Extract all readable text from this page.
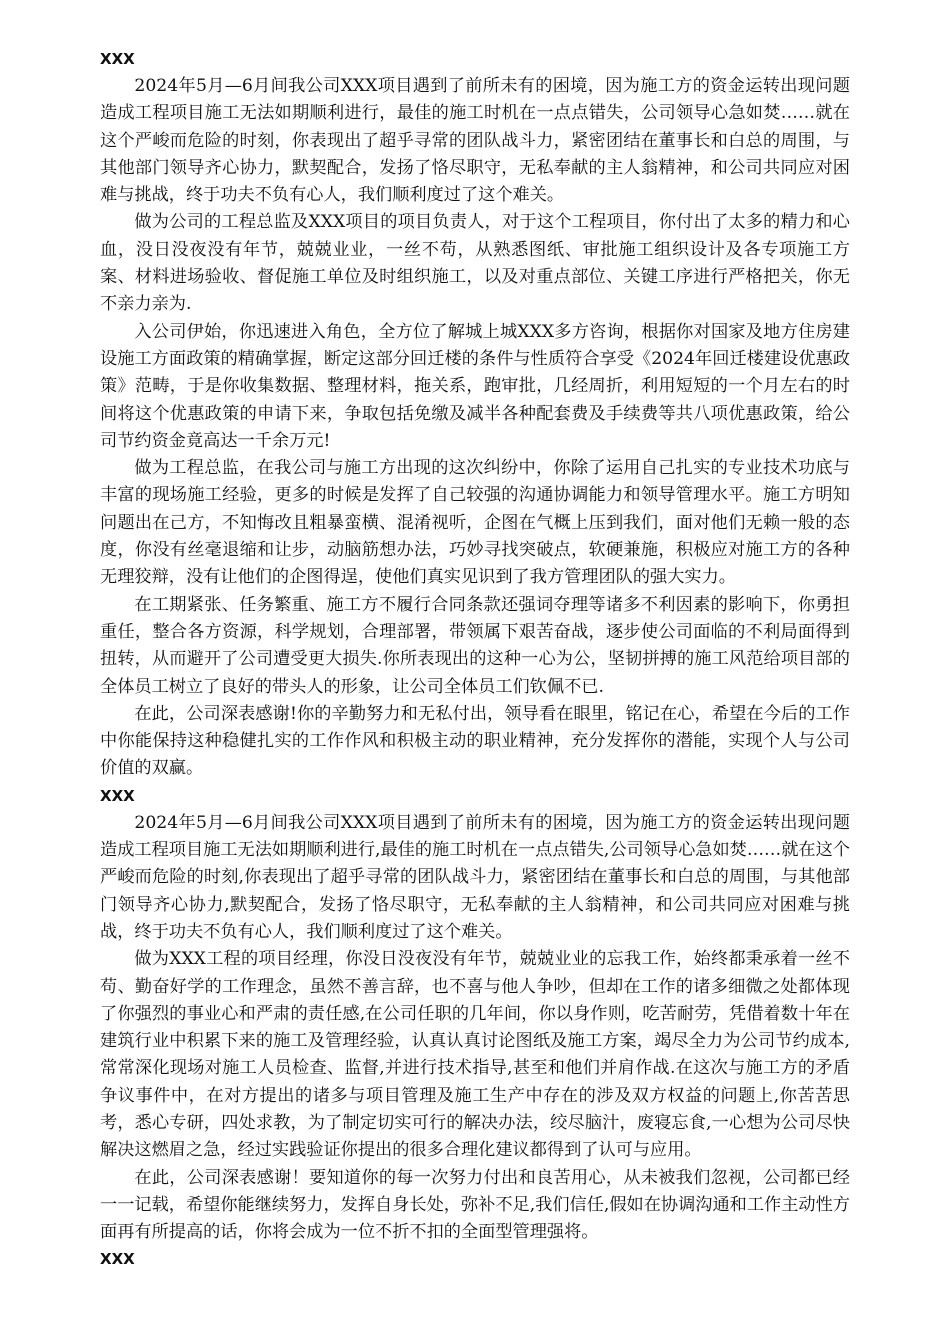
XXX

2024年5月—6月间我公司XXX项目遇到了前所未有的困境，因为施工方的资金运转出现问题造成工程项目施工无法如期顺利进行，最佳的施工时机在一点点错失，公司领导心急如焚……就在这个严峻而危险的时刻，你表现出了超乎寻常的团队战斗力，紧密团结在董事长和白总的周围，与其他部门领导齐心协力，默契配合，发扬了恪尽职守，无私奉献的主人翁精神，和公司共同应对困难与挑战，终于功夫不负有心人，我们顺利度过了这个难关。

做为公司的工程总监及XXX项目的项目负责人，对于这个工程项目，你付出了太多的精力和心血，没日没夜没有年节，兢兢业业，一丝不苟，从熟悉图纸、审批施工组织设计及各专项施工方案、材料进场验收、督促施工单位及时组织施工，以及对重点部位、关键工序进行严格把关，你无不亲力亲为.

入公司伊始，你迅速进入角色，全方位了解城上城XXX多方咨询，根据你对国家及地方住房建设施工方面政策的精确掌握，断定这部分回迁楼的条件与性质符合享受《2024年回迁楼建设优惠政策》范畴，于是你收集数据、整理材料，拖关系，跑审批，几经周折，利用短短的一个月左右的时间将这个优惠政策的申请下来，争取包括免缴及减半各种配套费及手续费等共八项优惠政策，给公司节约资金竟高达一千余万元!

做为工程总监，在我公司与施工方出现的这次纠纷中，你除了运用自己扎实的专业技术功底与丰富的现场施工经验，更多的时候是发挥了自己较强的沟通协调能力和领导管理水平。施工方明知问题出在己方，不知悔改且粗暴蛮横、混淆视听，企图在气概上压到我们，面对他们无赖一般的态度，你没有丝毫退缩和让步，动脑筋想办法，巧妙寻找突破点，软硬兼施，积极应对施工方的各种无理狡辩，没有让他们的企图得逞，使他们真实见识到了我方管理团队的强大实力。

在工期紧张、任务繁重、施工方不履行合同条款还强词夺理等诸多不利因素的影响下，你勇担重任，整合各方资源，科学规划，合理部署，带领属下艰苦奋战，逐步使公司面临的不利局面得到扭转，从而避开了公司遭受更大损失.你所表现出的这种一心为公，坚韧拼搏的施工风范给项目部的全体员工树立了良好的带头人的形象，让公司全体员工们钦佩不已.

在此，公司深表感谢!你的辛勤努力和无私付出，领导看在眼里，铭记在心，希望在今后的工作中你能保持这种稳健扎实的工作作风和积极主动的职业精神，充分发挥你的潜能，实现个人与公司价值的双赢。

XXX

2024年5月—6月间我公司XXX项目遇到了前所未有的困境，因为施工方的资金运转出现问题造成工程项目施工无法如期顺利进行,最佳的施工时机在一点点错失,公司领导心急如焚……就在这个严峻而危险的时刻,你表现出了超乎寻常的团队战斗力，紧密团结在董事长和白总的周围，与其他部门领导齐心协力,默契配合，发扬了恪尽职守，无私奉献的主人翁精神，和公司共同应对困难与挑战，终于功夫不负有心人，我们顺利度过了这个难关。

做为XXX工程的项目经理，你没日没夜没有年节，兢兢业业的忘我工作，始终都秉承着一丝不苟、勤奋好学的工作理念，虽然不善言辞，也不喜与他人争吵，但却在工作的诸多细微之处都体现了你强烈的事业心和严肃的责任感,在公司任职的几年间，你以身作则，吃苦耐劳，凭借着数十年在建筑行业中积累下来的施工及管理经验，认真认真讨论图纸及施工方案，竭尽全力为公司节约成本,常常深化现场对施工人员检查、监督,并进行技术指导,甚至和他们并肩作战.在这次与施工方的矛盾争议事件中，在对方提出的诸多与项目管理及施工生产中存在的涉及双方权益的问题上,你苦苦思考，悉心专研，四处求教，为了制定切实可行的解决办法，绞尽脑汁，废寝忘食,一心想为公司尽快解决这燃眉之急，经过实践验证你提出的很多合理化建议都得到了认可与应用。

在此，公司深表感谢！要知道你的每一次努力付出和良苦用心，从未被我们忽视，公司都已经一一记载，希望你能继续努力，发挥自身长处，弥补不足,我们信任,假如在协调沟通和工作主动性方面再有所提高的话，你将会成为一位不折不扣的全面型管理强将。

XXX
